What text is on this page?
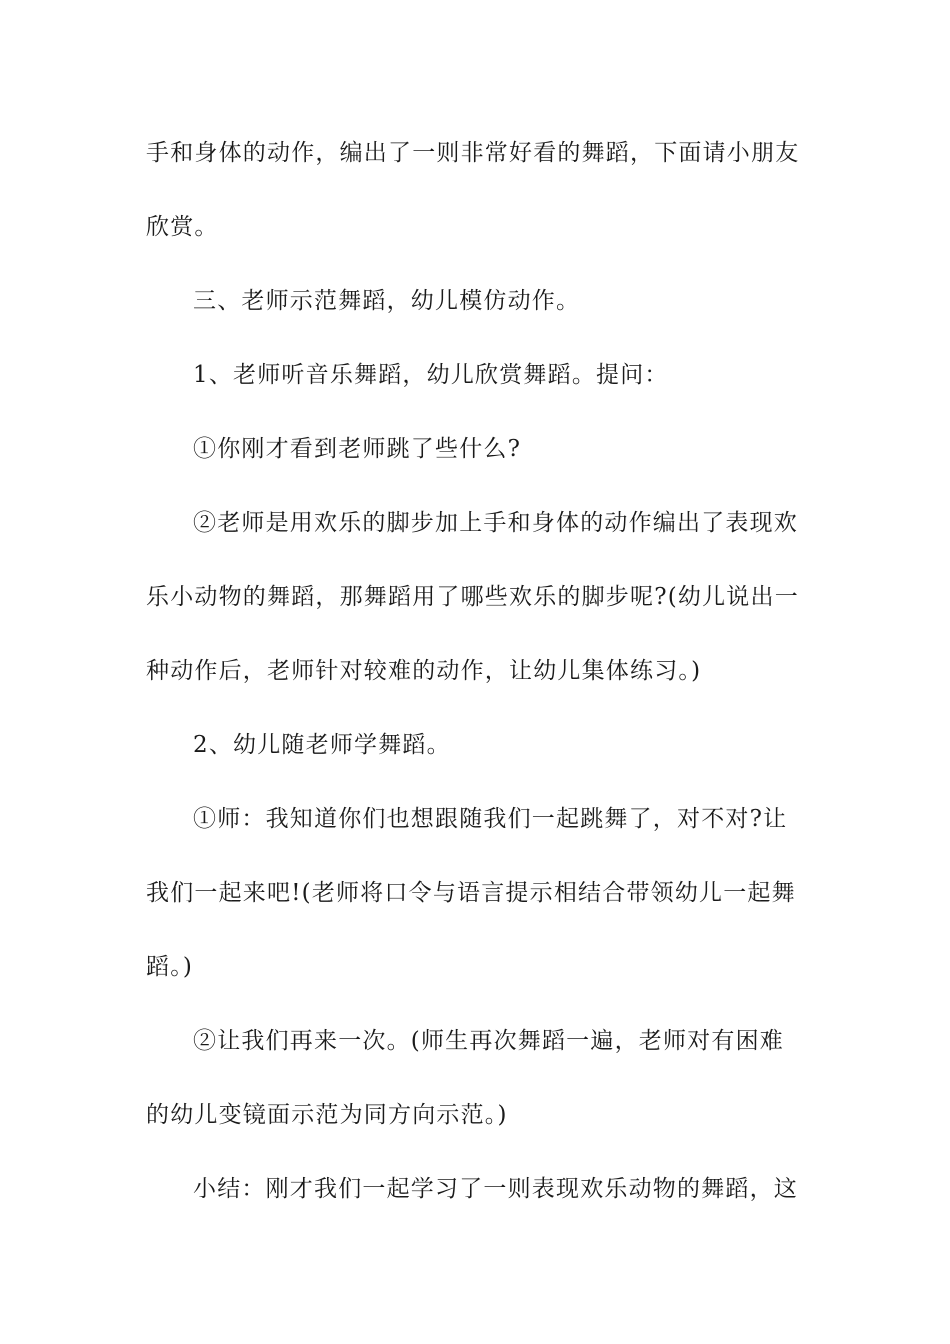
手和身体的动作，编出了一则非常好看的舞蹈，下面请小朋友
欣赏。
三、老师示范舞蹈，幼儿模仿动作。
1、老师听音乐舞蹈，幼儿欣赏舞蹈。提问：
①你刚才看到老师跳了些什么?
②老师是用欢乐的脚步加上手和身体的动作编出了表现欢
乐小动物的舞蹈，那舞蹈用了哪些欢乐的脚步呢?(幼儿说出一
种动作后，老师针对较难的动作，让幼儿集体练习。)
2、幼儿随老师学舞蹈。
①师：我知道你们也想跟随我们一起跳舞了，对不对?让
我们一起来吧!(老师将口令与语言提示相结合带领幼儿一起舞
蹈。)
②让我们再来一次。(师生再次舞蹈一遍，老师对有困难
的幼儿变镜面示范为同方向示范。)
小结：刚才我们一起学习了一则表现欢乐动物的舞蹈，这
